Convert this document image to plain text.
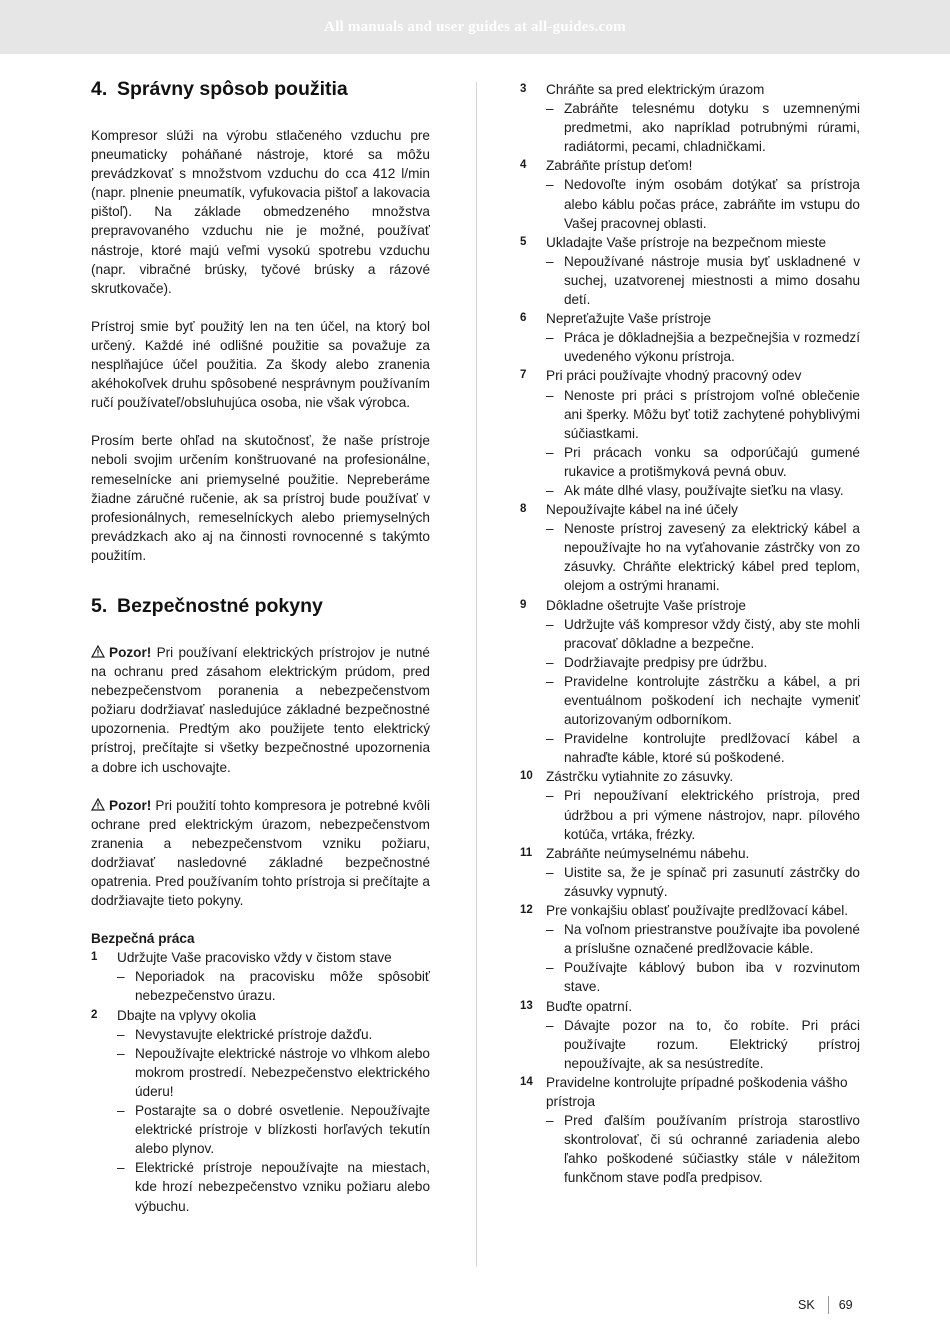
All manuals and user guides at all-guides.com
4. Správny spôsob použitia

Kompresor slúži na výrobu stlačeného vzduchu pre pneumaticky poháňané nástroje, ktoré sa môžu prevádzkovať s množstvom vzduchu do cca 412 l/min (napr. plnenie pneumatík, vyfukovacia pištoľ a lakovacia pištoľ). Na základe obmedzeného množstva prepravovaného vzduchu nie je možné, používať nástroje, ktoré majú veľmi vysokú spotrebu vzduchu (napr. vibračné brúsky, tyčové brúsky a rázové skrutkovače).

Prístroj smie byť použitý len na ten účel, na ktorý bol určený. Každé iné odlišné použitie sa považuje za nesplňajúce účel použitia. Za škody alebo zranenia akéhokoľvek druhu spôsobené nesprávnym používaním ručí používateľ/obsluhujúca osoba, nie však výrobca.

Prosím berte ohľad na skutočnosť, že naše prístroje neboli svojim určením konštruované na profesionálne, remeselnícke ani priemyselné použitie. Nepreberáme žiadne záručné ručenie, ak sa prístroj bude používať v profesionálnych, remeselníckych alebo priemyselných prevádzkach ako aj na činnosti rovnocenné s takýmto použitím.

5. Bezpečnostné pokyny

Pozor! Pri používaní elektrických prístrojov je nutné na ochranu pred zásahom elektrickým prúdom, pred nebezpečenstvom poranenia a nebezpečenstvom požiaru dodržiavať nasledujúce základné bezpečnostné upozornenia. Predtým ako použijete tento elektrický prístroj, prečítajte si všetky bezpečnostné upozornenia a dobre ich uschovajte.

Pozor! Pri použití tohto kompresora je potrebné kvôli ochrane pred elektrickým úrazom, nebezpečenstvom zranenia a nebezpečenstvom vzniku požiaru, dodržiavať nasledovné základné bezpečnostné opatrenia. Pred používaním tohto prístroja si prečítajte a dodržiavajte tieto pokyny.

Bezpečná práca
1	Udržujte Vaše pracovisko vždy v čistom stave
– Neporiadok na pracovisku môže spôsobiť nebezpečenstvo úrazu.
2	Dbajte na vplyvy okolia
– Nevystavujte elektrické prístroje dažďu.
– Nepoužívajte elektrické nástroje vo vlhkom alebo mokrom prostredí. Nebezpečenstvo elektrického úderu!
– Postarajte sa o dobré osvetlenie. Nepoužívajte elektrické prístroje v blízkosti horľavých tekutín alebo plynov.
– Elektrické prístroje nepoužívajte na miestach, kde hrozí nebezpečenstvo vzniku požiaru alebo výbuchu.
3	Chráňte sa pred elektrickým úrazom
– Zabráňte telesnému dotyku s uzemnenými predmetmi, ako napríklad potrubnými rúrami, radiátormi, pecami, chladničkami.
4	Zabráňte prístup deťom!
– Nedovoľte iným osobám dotýkať sa prístroja alebo káblu počas práce, zabráňte im vstupu do Vašej pracovnej oblasti.
5	Ukladajte Vaše prístroje na bezpečnom mieste
– Nepoužívané nástroje musia byť uskladnené v suchej, uzatvorenej miestnosti a mimo dosahu detí.
6	Nepreťažujte Vaše prístroje
– Práca je dôkladnejšia a bezpečnejšia v rozmedzí uvedeného výkonu prístroja.
7	Pri práci používajte vhodný pracovný odev
– Nenoste pri práci s prístrojom voľné oblečenie ani šperky. Môžu byť totiž zachytené pohyblivými súčiastkami.
– Pri prácach vonku sa odporúčajú gumené rukavice a protišmyková pevná obuv.
– Ak máte dlhé vlasy, používajte sieťku na vlasy.
8	Nepoužívajte kábel na iné účely
– Nenoste prístroj zavesený za elektrický kábel a nepoužívajte ho na vyťahovanie zástrčky von zo zásuvky. Chráňte elektrický kábel pred teplom, olejom a ostrými hranami.
9	Dôkladne ošetrujte Vaše prístroje
– Udržujte váš kompresor vždy čistý, aby ste mohli pracovať dôkladne a bezpečne.
– Dodržiavajte predpisy pre údržbu.
– Pravidelne kontrolujte zástrčku a kábel, a pri eventuálnom poškodení ich nechajte vymeniť autorizovaným odborníkom.
– Pravidelne kontrolujte predlžovací kábel a nahraďte káble, ktoré sú poškodené.
10 Zástrčku vytiahnite zo zásuvky.
– Pri nepoužívaní elektrického prístroja, pred údržbou a pri výmene nástrojov, napr. pílového kotúča, vrtáka, frézky.
11	Zabráňte neúmyselnému nábehu.
– Uistite sa, že je spínač pri zasunutí zástrčky do zásuvky vypnutý.
12 Pre vonkajšiu oblasť používajte predlžovací kábel.
– Na voľnom priestranstve používajte iba povolené a príslušne označené predlžovacie káble.
– Používajte káblový bubon iba v rozvinutom stave.
13 Buďte opatrní.
– Dávajte pozor na to, čo robíte. Pri práci používajte rozum. Elektrický prístroj nepoužívajte, ak sa nesústredíte.
14 Pravidelne kontrolujte prípadné poškodenia vášho prístroja
– Pred ďalším používaním prístroja starostlivo skontrolovať, či sú ochranné zariadenia alebo ľahko poškodené súčiastky stále v náležitom funkčnom stave podľa predpisov.
SK 69
